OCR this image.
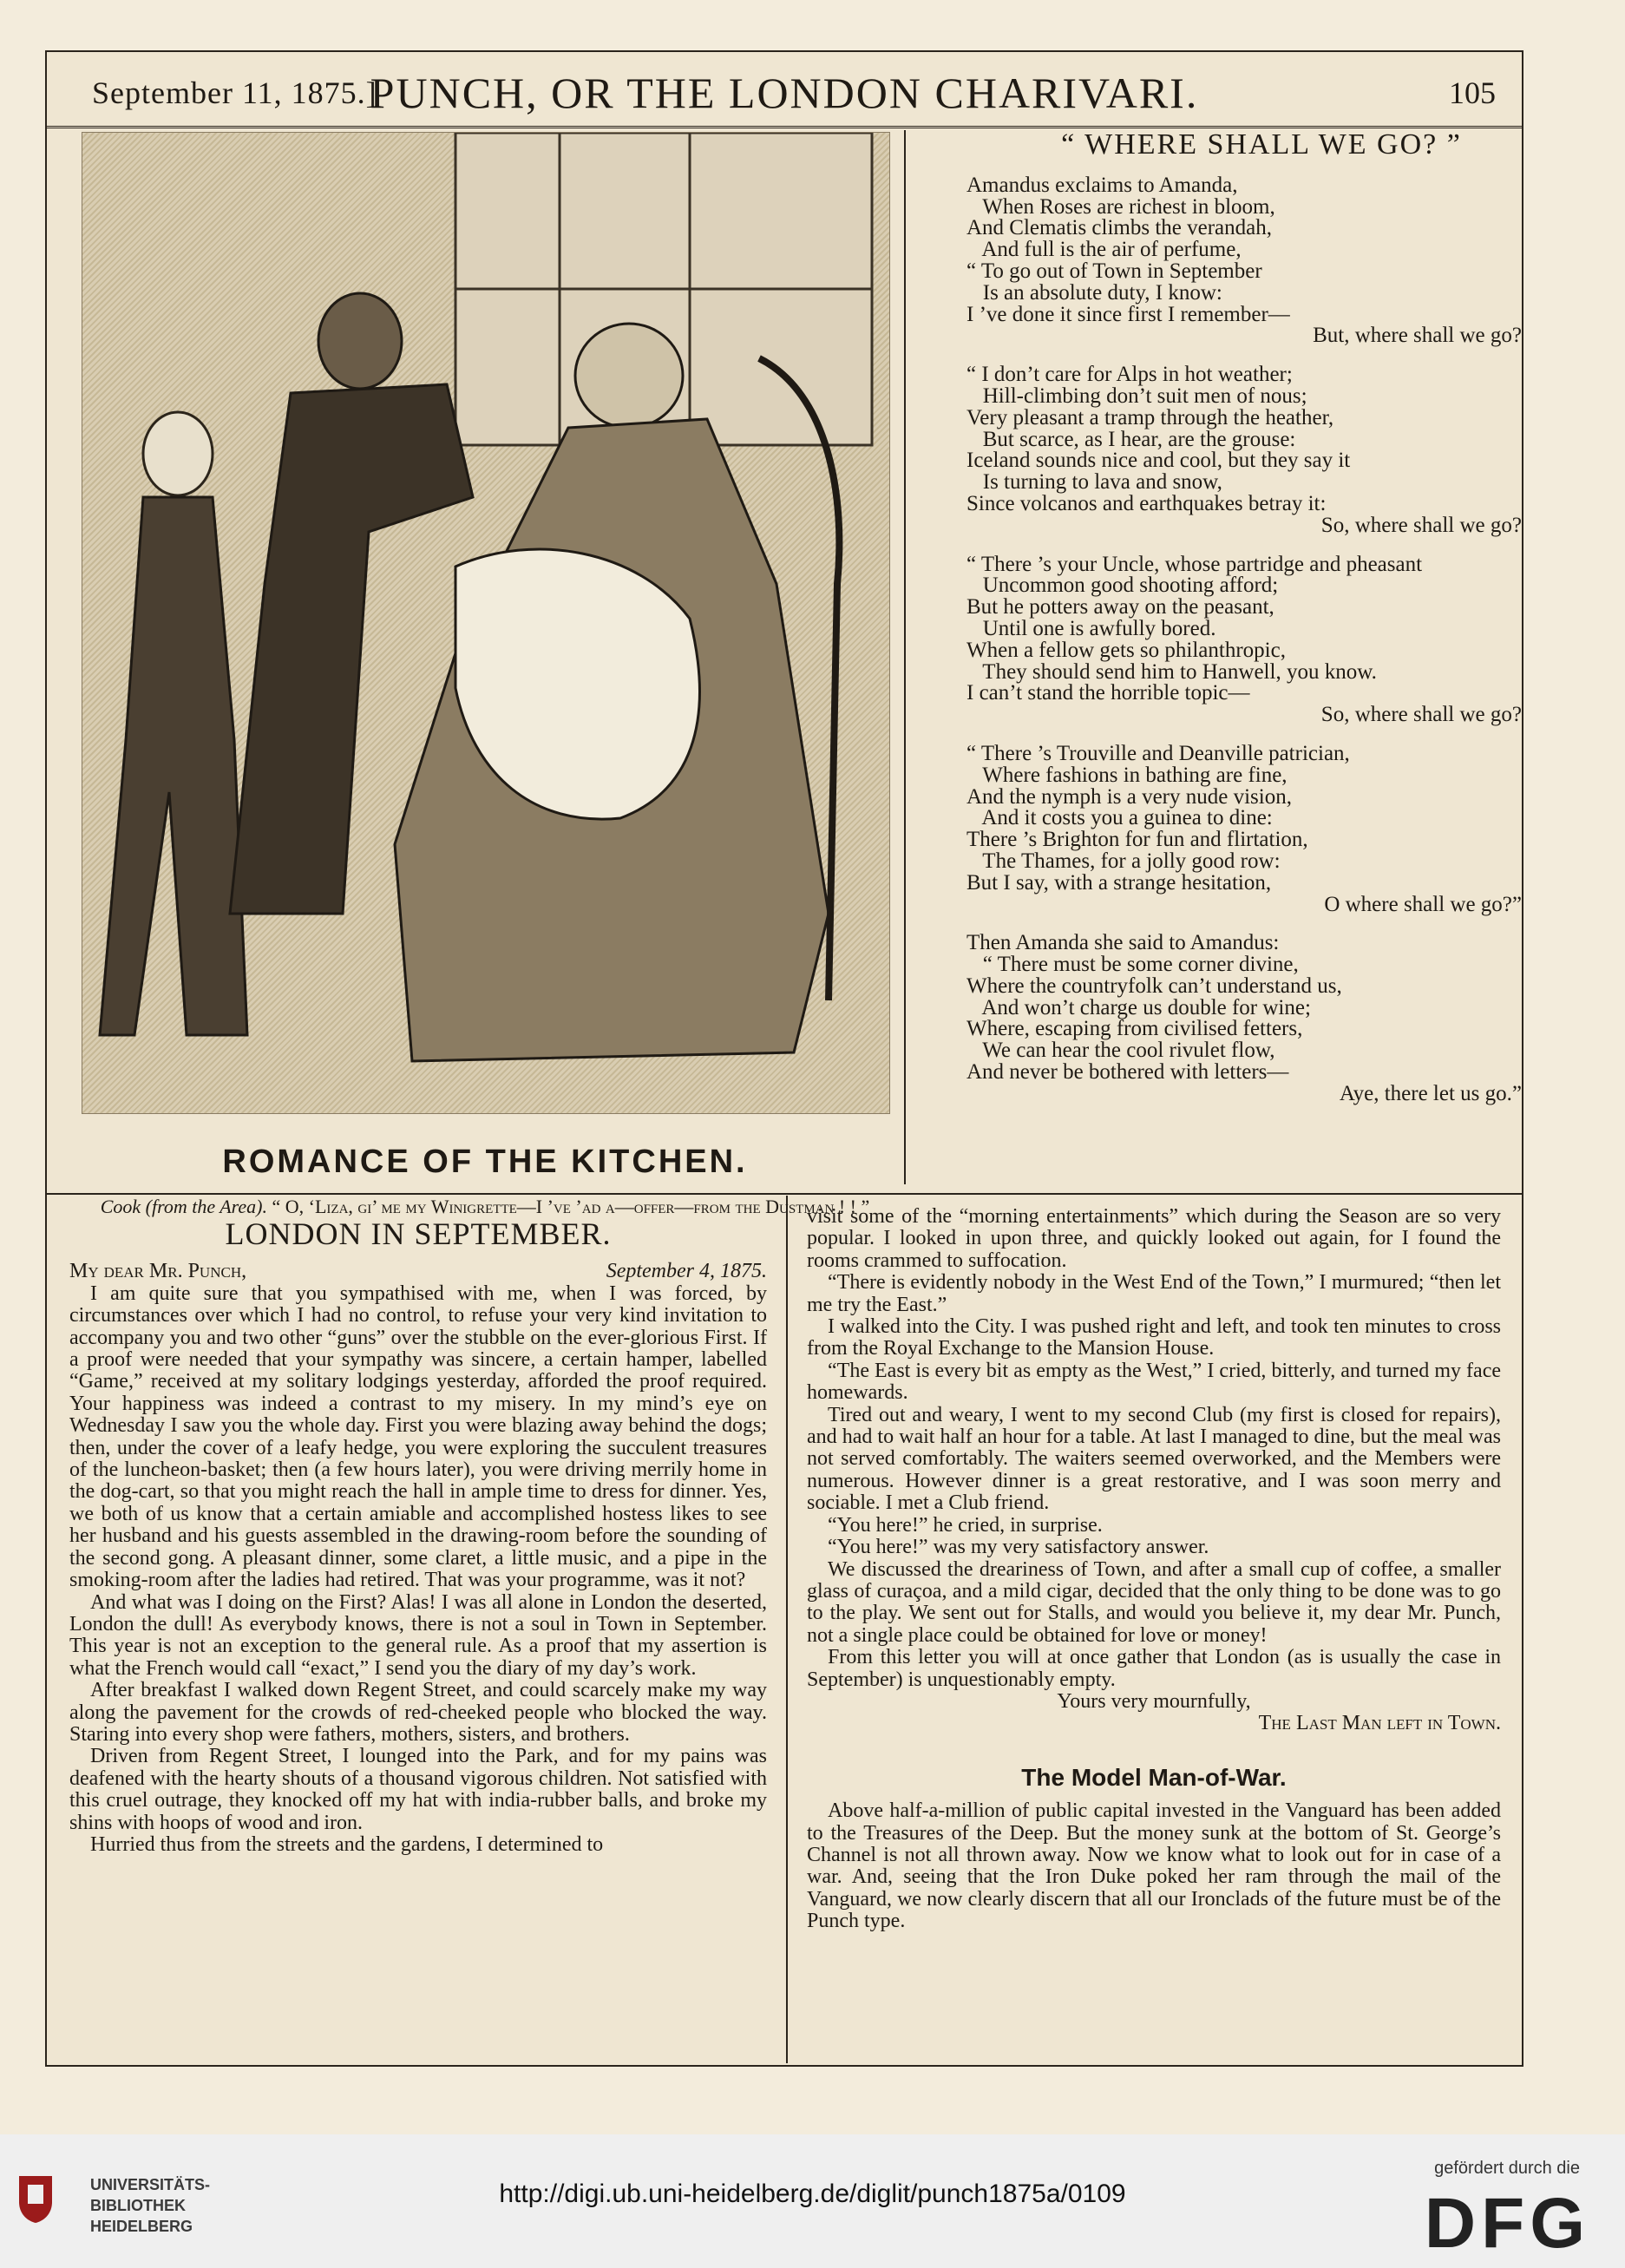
September 11, 1875.]
PUNCH, OR THE LONDON CHARIVARI.	105
ROMANCE OF THE KITCHEN.
Cook (from the Area). “ O, ‘Liza, gi’ me my Winigrette—I ’ve ’ad a—offer—from the Dustman ! ! ”
“ WHERE SHALL WE GO? ”
Amandus exclaims to Amanda,
When Roses are richest in bloom,
And Clematis climbs the verandah,
And full is the air of perfume,
“ To go out of Town in September
Is an absolute duty, I know:
I ’ve done it since first I remember—
But, where shall we go?
“ I don’t care for Alps in hot weather;
Hill-climbing don’t suit men of nous;
Very pleasant a tramp through the heather,
But scarce, as I hear, are the grouse:
Iceland sounds nice and cool, but they say it
Is turning to lava and snow,
Since volcanos and earthquakes betray it:
So, where shall we go?
“ There ’s your Uncle, whose partridge and pheasant
Uncommon good shooting afford;
But he potters away on the peasant,
Until one is awfully bored.
When a fellow gets so philanthropic,
They should send him to Hanwell, you know.
I can’t stand the horrible topic—
So, where shall we go?
“ There ’s Trouville and Deanville patrician,
Where fashions in bathing are fine,
And the nymph is a very nude vision,
And it costs you a guinea to dine:
There ’s Brighton for fun and flirtation,
The Thames, for a jolly good row:
But I say, with a strange hesitation,
O where shall we go?”
Then Amanda she said to Amandus:
“ There must be some corner divine,
Where the countryfolk can’t understand us,
And won’t charge us double for wine;
Where, escaping from civilised fetters,
We can hear the cool rivulet flow,
And never be bothered with letters—
Aye, there let us go.”
LONDON IN SEPTEMBER.
My dear Mr. Punch,	September 4, 1875.

I am quite sure that you sympathised with me, when I was forced, by circumstances over which I had no control, to refuse your very kind invitation to accompany you and two other “guns” over the stubble on the ever-glorious First. If a proof were needed that your sympathy was sincere, a certain hamper, labelled “Game,” received at my solitary lodgings yesterday, afforded the proof required. Your happiness was indeed a contrast to my misery. In my mind’s eye on Wednesday I saw you the whole day. First you were blazing away behind the dogs; then, under the cover of a leafy hedge, you were exploring the succulent treasures of the luncheon-basket; then (a few hours later), you were driving merrily home in the dog-cart, so that you might reach the hall in ample time to dress for dinner. Yes, we both of us know that a certain amiable and accomplished hostess likes to see her husband and his guests assembled in the drawing-room before the sounding of the second gong. A pleasant dinner, some claret, a little music, and a pipe in the smoking-room after the ladies had retired. That was your programme, was it not?

And what was I doing on the First? Alas! I was all alone in London the deserted, London the dull! As everybody knows, there is not a soul in Town in September. This year is not an exception to the general rule. As a proof that my assertion is what the French would call “exact,” I send you the diary of my day’s work.

After breakfast I walked down Regent Street, and could scarcely make my way along the pavement for the crowds of red-cheeked people who blocked the way. Staring into every shop were fathers, mothers, sisters, and brothers.

Driven from Regent Street, I lounged into the Park, and for my pains was deafened with the hearty shouts of a thousand vigorous children. Not satisfied with this cruel outrage, they knocked off my hat with india-rubber balls, and broke my shins with hoops of wood and iron.

Hurried thus from the streets and the gardens, I determined to

visit some of the “morning entertainments” which during the Season are so very popular. I looked in upon three, and quickly looked out again, for I found the rooms crammed to suffocation.

“There is evidently nobody in the West End of the Town,” I murmured; “then let me try the East.”

I walked into the City. I was pushed right and left, and took ten minutes to cross from the Royal Exchange to the Mansion House.

“The East is every bit as empty as the West,” I cried, bitterly, and turned my face homewards.

Tired out and weary, I went to my second Club (my first is closed for repairs), and had to wait half an hour for a table. At last I managed to dine, but the meal was not served comfortably. The waiters seemed overworked, and the Members were numerous. However dinner is a great restorative, and I was soon merry and sociable. I met a Club friend.

“You here!” he cried, in surprise.

“You here!” was my very satisfactory answer.

We discussed the dreariness of Town, and after a small cup of coffee, a smaller glass of curaçoa, and a mild cigar, decided that the only thing to be done was to go to the play. We sent out for Stalls, and would you believe it, my dear Mr. Punch, not a single place could be obtained for love or money!

From this letter you will at once gather that London (as is usually the case in September) is unquestionably empty.

Yours very mournfully,
The Last Man left in Town.
The Model Man-of-War.

Above half-a-million of public capital invested in the Vanguard has been added to the Treasures of the Deep. But the money sunk at the bottom of St. George’s Channel is not all thrown away. Now we know what to look out for in case of a war. And, seeing that the Iron Duke poked her ram through the mail of the Vanguard, we now clearly discern that all our Ironclads of the future must be of the Punch type.

UNIVERSITÄTS-
BIBLIOTHEK
HEIDELBERG
http://digi.ub.uni-heidelberg.de/diglit/punch1875a/0109
gefördert durch die
DFG
